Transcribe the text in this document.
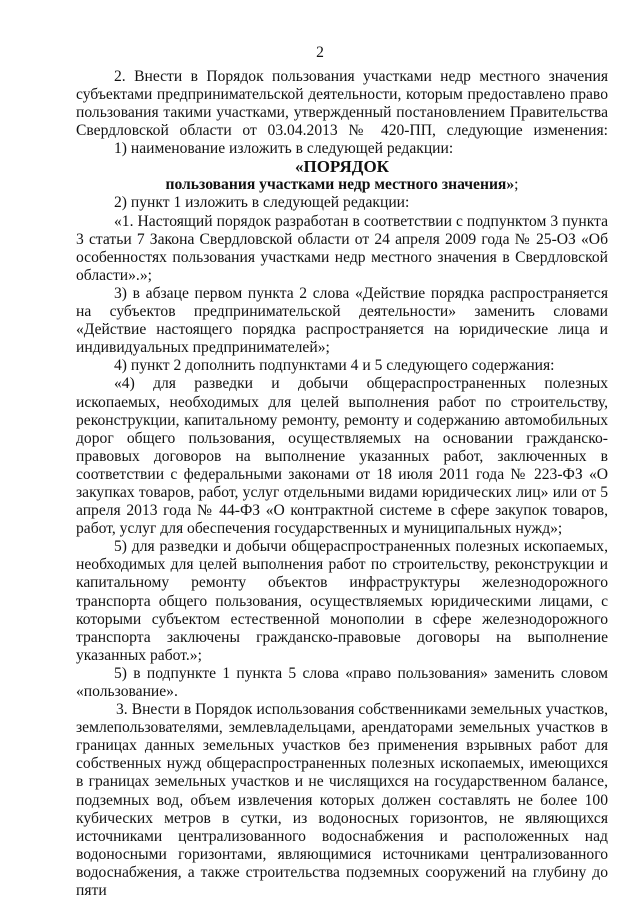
2

2. Внести в Порядок пользования участками недр местного значения субъектами предпринимательской деятельности, которым предоставлено право пользования такими участками, утвержденный постановлением Правительства Свердловской области от 03.04.2013 № 420-ПП, следующие изменения:

1) наименование изложить в следующей редакции:

«ПОРЯДОК

пользования участками недр местного значения»;

2) пункт 1 изложить в следующей редакции:

«1. Настоящий порядок разработан в соответствии с подпунктом 3 пункта 3 статьи 7 Закона Свердловской области от 24 апреля 2009 года № 25-ОЗ «Об особенностях пользования участками недр местного значения в Свердловской области».»;

3) в абзаце первом пункта 2 слова «Действие порядка распространяется на субъектов предпринимательской деятельности» заменить словами «Действие настоящего порядка распространяется на юридические лица и индивидуальных предпринимателей»;

4) пункт 2 дополнить подпунктами 4 и 5 следующего содержания:

«4) для разведки и добычи общераспространенных полезных ископаемых, необходимых для целей выполнения работ по строительству, реконструкции, капитальному ремонту, ремонту и содержанию автомобильных дорог общего пользования, осуществляемых на основании гражданско-правовых договоров на выполнение указанных работ, заключенных в соответствии с федеральными законами от 18 июля 2011 года № 223-ФЗ «О закупках товаров, работ, услуг отдельными видами юридических лиц» или от 5 апреля 2013 года № 44-ФЗ «О контрактной системе в сфере закупок товаров, работ, услуг для обеспечения государственных и муниципальных нужд»;

5) для разведки и добычи общераспространенных полезных ископаемых, необходимых для целей выполнения работ по строительству, реконструкции и капитальному ремонту объектов инфраструктуры железнодорожного транспорта общего пользования, осуществляемых юридическими лицами, с которыми субъектом естественной монополии в сфере железнодорожного транспорта заключены гражданско-правовые договоры на выполнение указанных работ.»;

5) в подпункте 1 пункта 5 слова «право пользования» заменить словом «пользование».

3. Внести в Порядок использования собственниками земельных участков, землепользователями, землевладельцами, арендаторами земельных участков в границах данных земельных участков без применения взрывных работ для собственных нужд общераспространенных полезных ископаемых, имеющихся в границах земельных участков и не числящихся на государственном балансе, подземных вод, объем извлечения которых должен составлять не более 100 кубических метров в сутки, из водоносных горизонтов, не являющихся источниками централизованного водоснабжения и расположенных над водоносными горизонтами, являющимися источниками централизованного водоснабжения, а также строительства подземных сооружений на глубину до пяти
